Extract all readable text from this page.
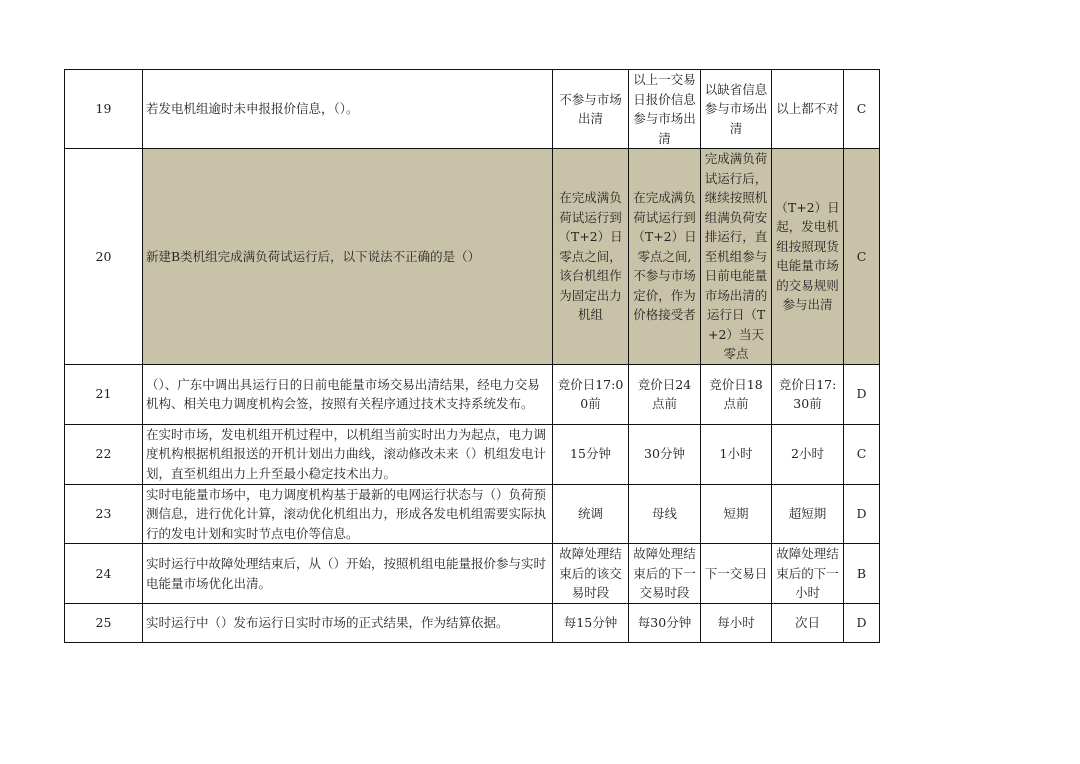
19	若发电机组逾时未申报报价信息，（）。	不参与市场出清	以上一交易日报价信息参与市场出清	以缺省信息参与市场出清	以上都不对	C
20	新建B类机组完成满负荷试运行后，以下说法不正确的是（）	在完成满负荷试运行到（T+2）日零点之间，该台机组作为固定出力机组	在完成满负荷试运行到（T+2）日零点之间,不参与市场定价，作为价格接受者	完成满负荷试运行后，继续按照机组满负荷安排运行，直至机组参与日前电能量市场出清的运行日（T+2）当天零点	（T+2）日起，发电机组按照现货电能量市场的交易规则参与出清	C
21	（）、广东中调出具运行日的日前电能量市场交易出清结果，经电力交易机构、相关电力调度机构会签，按照有关程序通过技术支持系统发布。	竞价日17:00前	竞价日24点前	竞价日18点前	竞价日17:30前	D
22	在实时市场，发电机组开机过程中，以机组当前实时出力为起点，电力调度机构根据机组报送的开机计划出力曲线，滚动修改未来（）机组发电计划，直至机组出力上升至最小稳定技术出力。	15分钟	30分钟	1小时	2小时	C
23	实时电能量市场中，电力调度机构基于最新的电网运行状态与（）负荷预测信息，进行优化计算，滚动优化机组出力，形成各发电机组需要实际执行的发电计划和实时节点电价等信息。	统调	母线	短期	超短期	D
24	实时运行中故障处理结束后，从（）开始，按照机组电能量报价参与实时电能量市场优化出清。	故障处理结束后的该交易时段	故障处理结束后的下一交易时段	下一交易日	故障处理结束后的下一小时	B
25	实时运行中（）发布运行日实时市场的正式结果，作为结算依据。	每15分钟	每30分钟	每小时	次日	D
